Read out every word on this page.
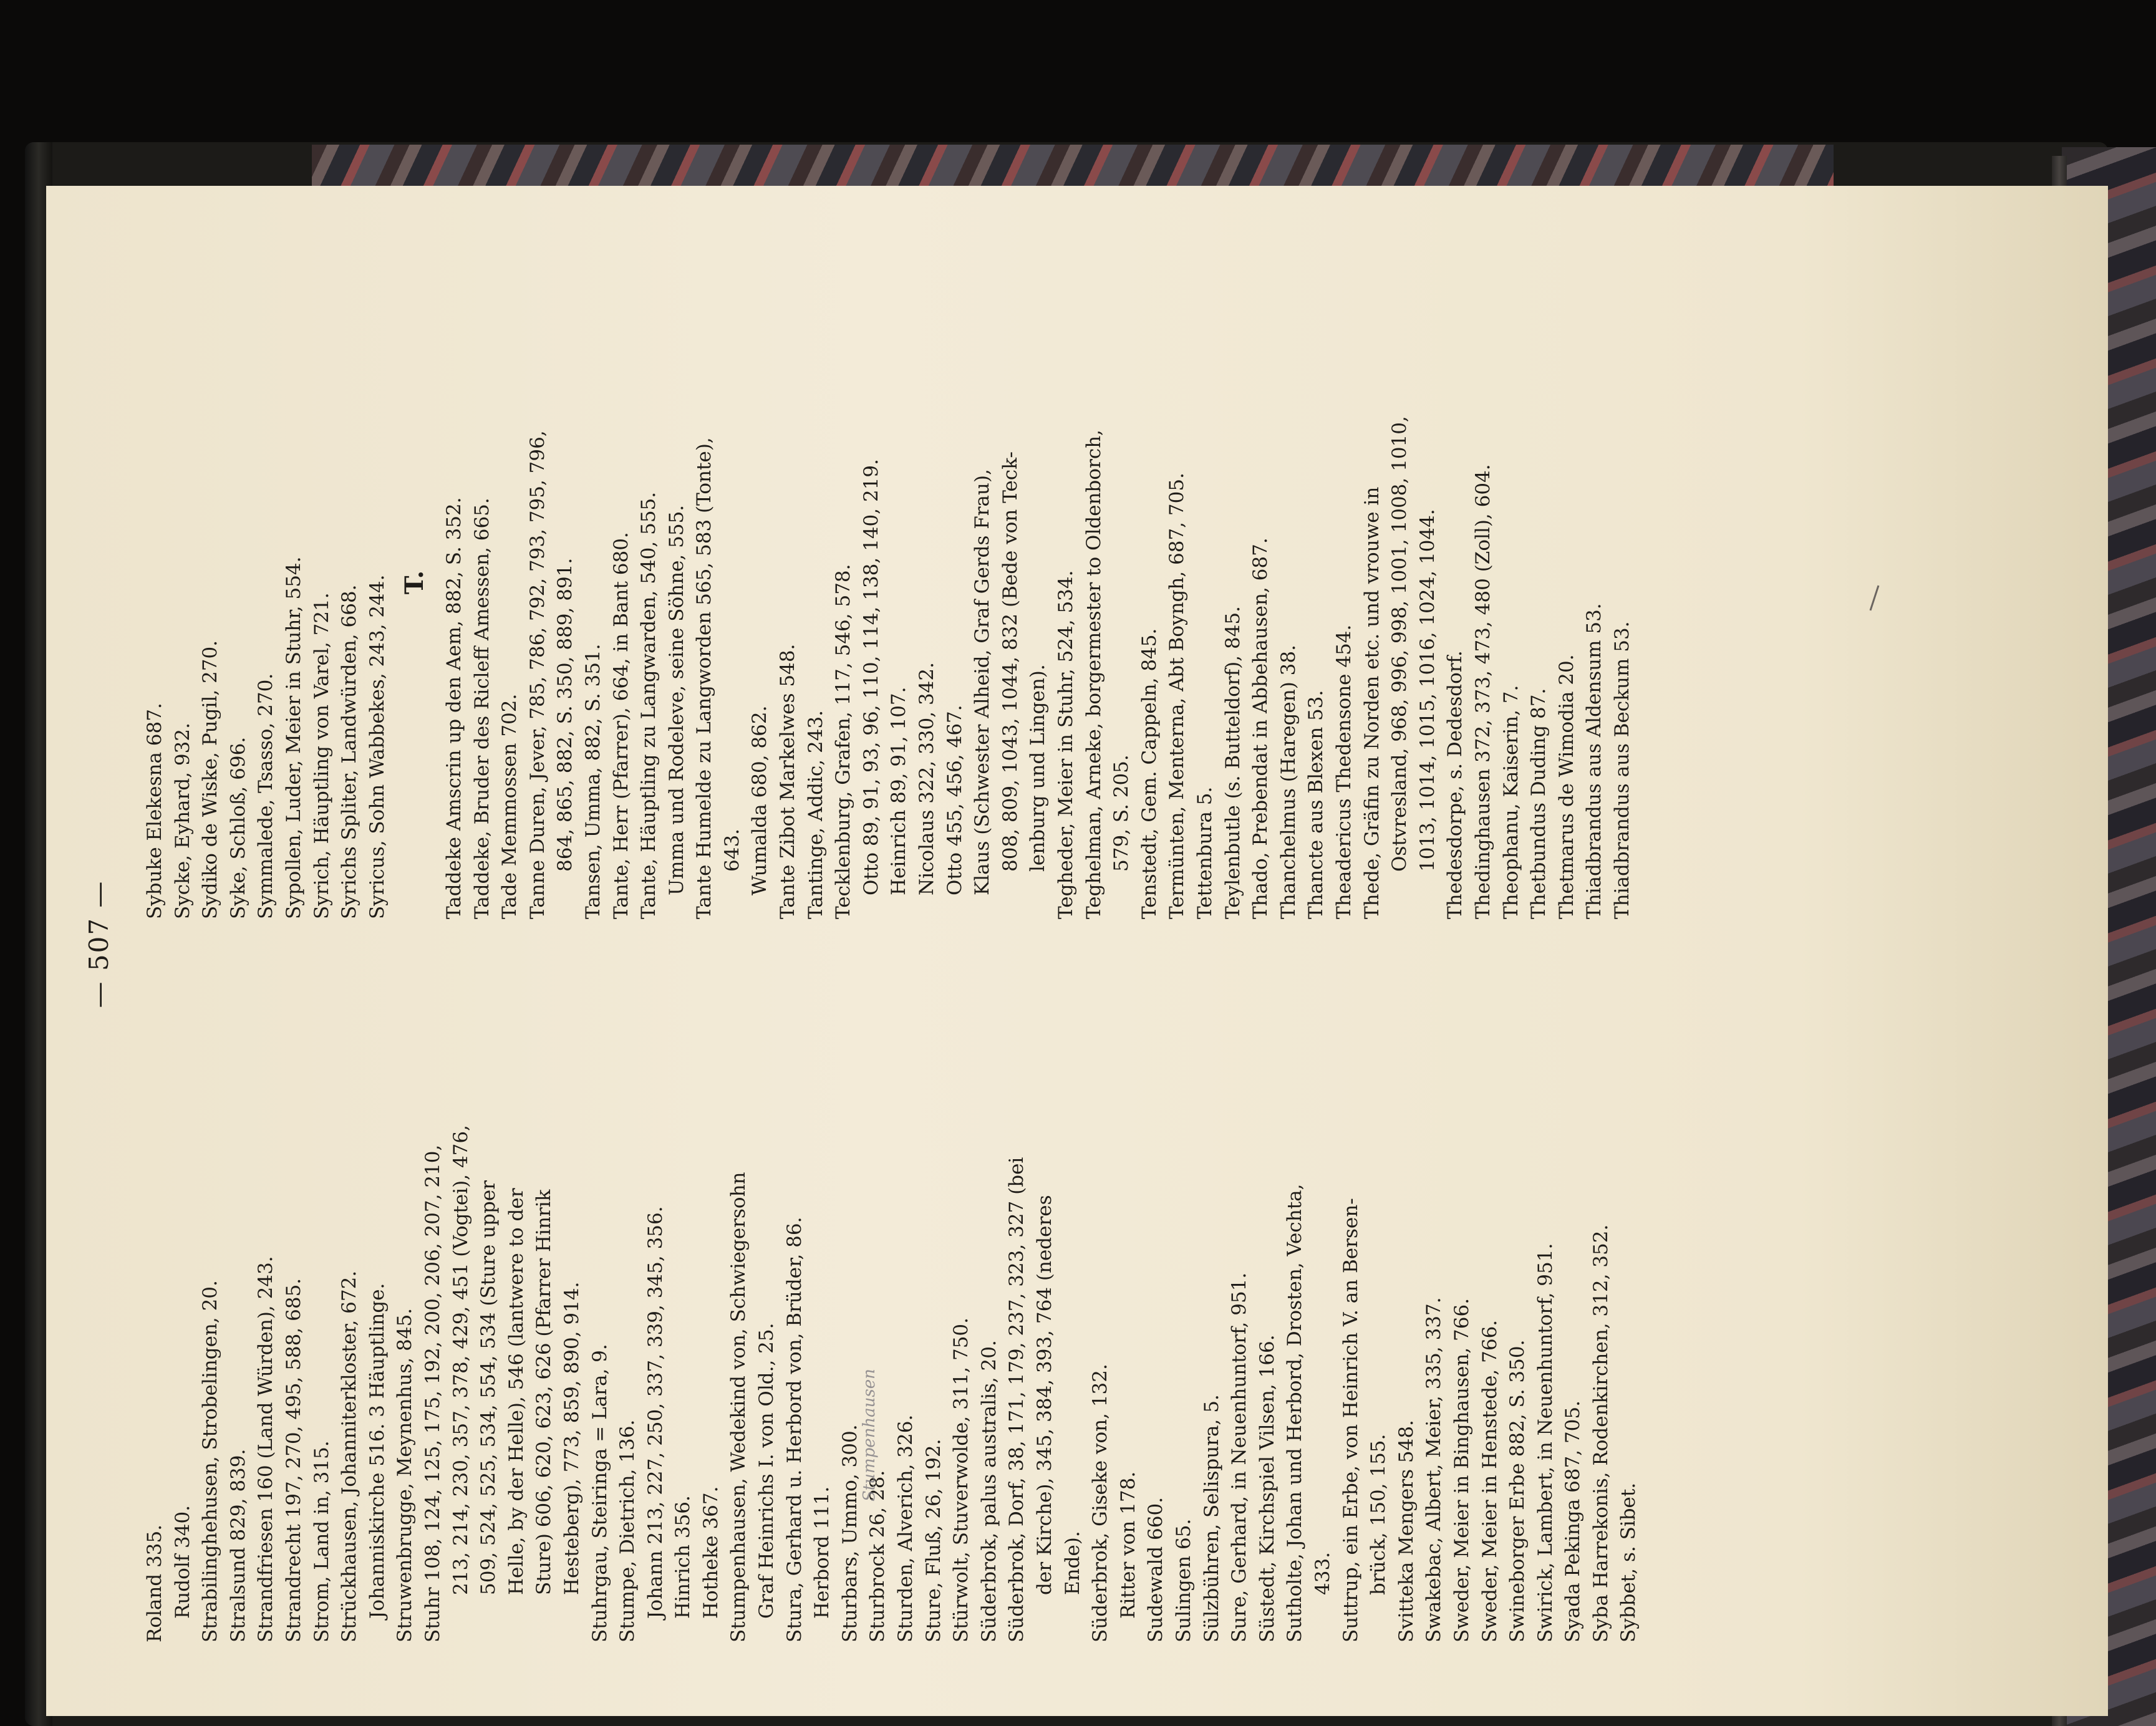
— 507 —
Roland 335. Rudolf 340. Strabilinghehusen, Strobelingen, 20. Stralsund 829, 839. Strandfriesen 160 (Land Würden), 243. Strandrecht 197, 270, 495, 588, 685. Strom, Land in, 315. Strückhausen, Johanniterkloster, 672. Johanniskirche 516. 3 Häuptlinge. Struwenbrugge, Meynenhus, 845. Stuhr 108, 124, 125, 175, 192, 200, 206, 207, 210, 213, 214, 230, 357, 378, 429, 451 (Vogtei), 476, 509, 524, 525, 534, 554, 534 (Sture upper Helle, by der Helle), 546 (lantwere to der Sture) 606, 620, 623, 626 (Pfarrer Hinrik Hesteberg), 773, 859, 890, 914. Stuhrgau, Steiringa = Lara, 9. Stumpe, Dietrich, 136. Johann 213, 227, 250, 337, 339, 345, 356. Hinrich 356. Hotheke 367. Stumpenhausen, Wedekind von, Schwiegersohn Graf Heinrichs I. von Old., 25. Stura, Gerhard u. Herbord von, Brüder, 86. Herbord 111. Sturbars, Ummo, 300. Sturbrock 26, 28. Sturden, Alverich, 326. Sture, Fluß, 26, 192. Stürwolt, Stuverwolde, 311, 750. Süderbrok, palus australis, 20. Süderbrok, Dorf, 38, 171, 179, 237, 323, 327 (bei der Kirche), 345, 384, 393, 764 (nederes Ende). Süderbrok, Giseke von, 132. Ritter von 178. Sudewald 660. Sulingen 65. Sülzbühren, Selispura, 5. Sure, Gerhard, in Neuenhuntorf, 951. Süstedt, Kirchspiel Vilsen, 166. Sutholte, Johan und Herbord, Drosten, Vechta, 433. Suttrup, ein Erbe, von Heinrich V. an Bersen- brück, 150, 155. Svitteka Mengers 548. Swakebac, Albert, Meier, 335, 337. Sweder, Meier in Binghausen, 766. Sweder, Meier in Henstede, 766. Swineborger Erbe 882, S. 350. Swirick, Lambert, in Neuenhuntorf, 951. Syada Pekinga 687, 705. Syba Harrekonis, Rodenkirchen, 312, 352. Sybbet, s. Sibet.
Sybuke Elekesna 687. Sycke, Eyhard, 932. Sydiko de Wiske, Pugil, 270. Syke, Schloß, 696. Symmalede, Tsasso, 270. Sypollen, Luder, Meier in Stuhr, 554. Syrich, Häuptling von Varel, 721. Syrichs Spliter, Landwürden, 668. Syricus, Sohn Wabbekes, 243, 244. T. Taddeke Amscrin up den Aem, 882, S. 352. Taddeke, Bruder des Ricleff Amessen, 665. Tade Memmossen 702. Tanne Duren, Jever, 785, 786, 792, 793, 795, 796, 864, 865, 882, S. 350, 889, 891. Tansen, Umma, 882, S. 351. Tante, Herr (Pfarrer), 664, in Bant 680. Tante, Häuptling zu Langwarden, 540, 555. Umma und Rodeleve, seine Söhne, 555. Tante Humelde zu Langworden 565, 583 (Tonte), 643. Wumalda 680, 862. Tante Zibot Markelwes 548. Tantinge, Addic, 243. Tecklenburg, Grafen, 117, 546, 578. Otto 89, 91, 93, 96, 110, 114, 138, 140, 219. Heinrich 89, 91, 107. Nicolaus 322, 330, 342. Otto 455, 456, 467. Klaus (Schwester Alheid, Graf Gerds Frau), 808, 809, 1043, 1044, 832 (Bede von Teck- lenburg und Lingen). Tegheder, Meier in Stuhr, 524, 534. Teghelman, Arneke, borgermester to Oldenborch, 579, S. 205. Tenstedt, Gem. Cappeln, 845. Termünten, Menterna, Abt Boyngh, 687, 705. Tettenbura 5. Teylenbutle (s. Butteldorf), 845. Thado, Prebendat in Abbehausen, 687. Thanchelmus (Haregen) 38. Thancte aus Blexen 53. Theadericus Thedensone 454. Thede, Gräfin zu Norden etc. und vrouwe in Ostvresland, 968, 996, 998, 1001, 1008, 1010, 1013, 1014, 1015, 1016, 1024, 1044. Thedesdorpe, s. Dedesdorf. Thedinghausen 372, 373, 473, 480 (Zoll), 604. Theophanu, Kaiserin, 7. Thetbundus Duding 87. Thetmarus de Wimodia 20. Thiadbrandus aus Aldensum 53. Thiadbrandus aus Beckum 53.
Stumpenhausen
